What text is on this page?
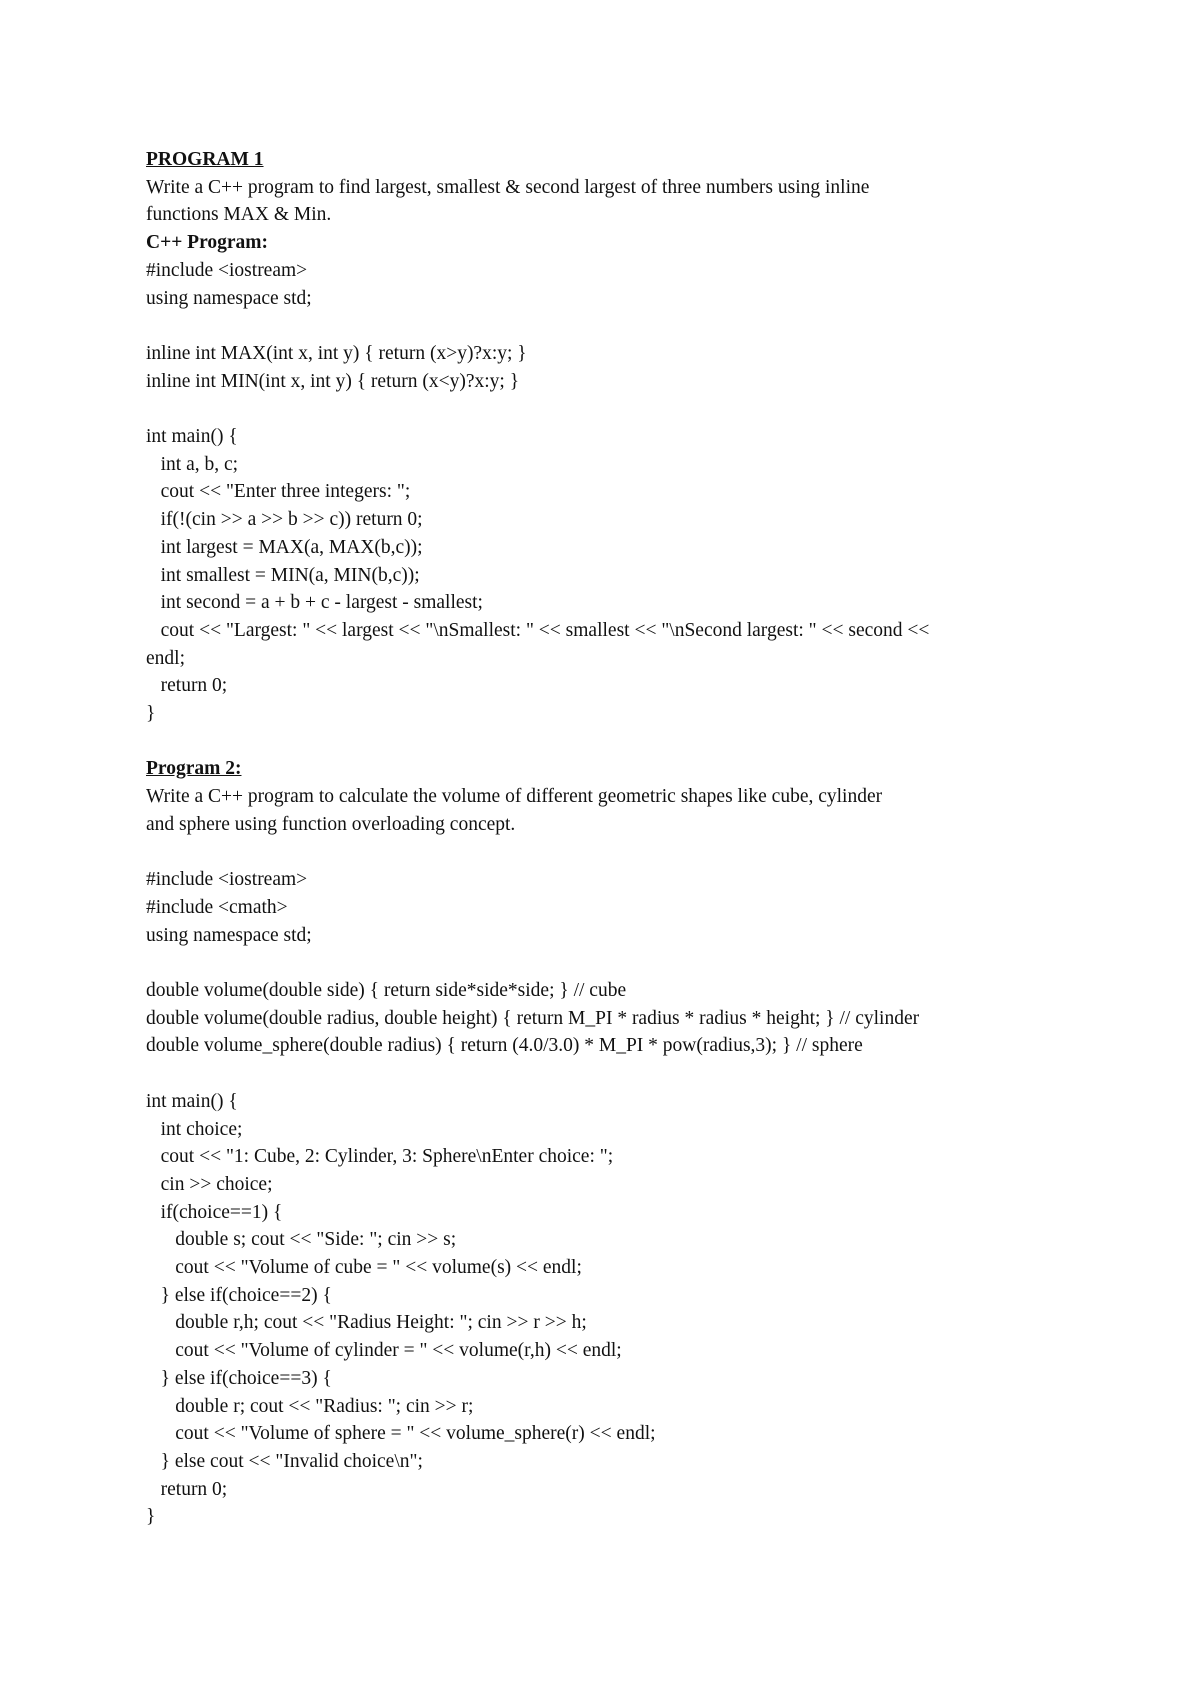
PROGRAM 1
Write a C++ program to find largest, smallest & second largest of three numbers using inline
functions MAX & Min.
C++ Program:
#include <iostream>
using namespace std;
inline int MAX(int x, int y) { return (x>y)?x:y; }
inline int MIN(int x, int y) { return (x<y)?x:y; }
int main() {
int a, b, c;
cout << "Enter three integers: ";
if(!(cin >> a >> b >> c)) return 0;
int largest = MAX(a, MAX(b,c));
int smallest = MIN(a, MIN(b,c));
int second = a + b + c - largest - smallest;
cout << "Largest: " << largest << "\nSmallest: " << smallest << "\nSecond largest: " << second <<
endl;
return 0;
}
Program 2:
Write a C++ program to calculate the volume of different geometric shapes like cube, cylinder
and sphere using function overloading concept.
#include <iostream>
#include <cmath>
using namespace std;
double volume(double side) { return side*side*side; } // cube
double volume(double radius, double height) { return M_PI * radius * radius * height; } // cylinder
double volume_sphere(double radius) { return (4.0/3.0) * M_PI * pow(radius,3); } // sphere
int main() {
int choice;
cout << "1: Cube, 2: Cylinder, 3: Sphere\nEnter choice: ";
cin >> choice;
if(choice==1) {
double s; cout << "Side: "; cin >> s;
cout << "Volume of cube = " << volume(s) << endl;
} else if(choice==2) {
double r,h; cout << "Radius Height: "; cin >> r >> h;
cout << "Volume of cylinder = " << volume(r,h) << endl;
} else if(choice==3) {
double r; cout << "Radius: "; cin >> r;
cout << "Volume of sphere = " << volume_sphere(r) << endl;
} else cout << "Invalid choice\n";
return 0;
}
